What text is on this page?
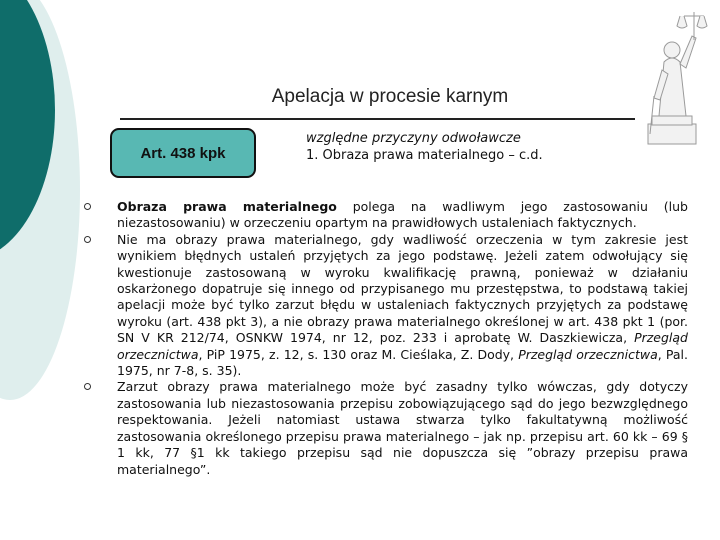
Apelacja w procesie karnym
Art. 438 kpk
względne przyczyny odwoławcze
1. Obraza prawa materialnego – c.d.
Obraza prawa materialnego polega na wadliwym jego zastosowaniu (lub niezastosowaniu) w orzeczeniu opartym na prawidłowych ustaleniach faktycznych.
Nie ma obrazy prawa materialnego, gdy wadliwość orzeczenia w tym zakresie jest wynikiem błędnych ustaleń przyjętych za jego podstawę. Jeżeli zatem odwołujący się kwestionuje zastosowaną w wyroku kwalifikację prawną, ponieważ w działaniu oskarżonego dopatruje się innego od przypisanego mu przestępstwa, to podstawą takiej apelacji może być tylko zarzut błędu w ustaleniach faktycznych przyjętych za podstawę wyroku (art. 438 pkt 3), a nie obrazy prawa materialnego określonej w art. 438 pkt 1 (por. SN V KR 212/74, OSNKW 1974, nr 12, poz. 233 i aprobatę W. Daszkiewicza, Przegląd orzecznictwa, PiP 1975, z. 12, s. 130 oraz M. Cieślaka, Z. Dody, Przegląd orzecznictwa, Pal. 1975, nr 7-8, s. 35).
Zarzut obrazy prawa materialnego może być zasadny tylko wówczas, gdy dotyczy zastosowania lub niezastosowania przepisu zobowiązującego sąd do jego bezwzględnego respektowania. Jeżeli natomiast ustawa stwarza tylko fakultatywną możliwość zastosowania określonego przepisu prawa materialnego – jak np. przepisu art. 60 kk – 69 § 1 kk, 77 §1 kk takiego przepisu sąd nie dopuszcza się ”obrazy przepisu prawa materialnego”.
